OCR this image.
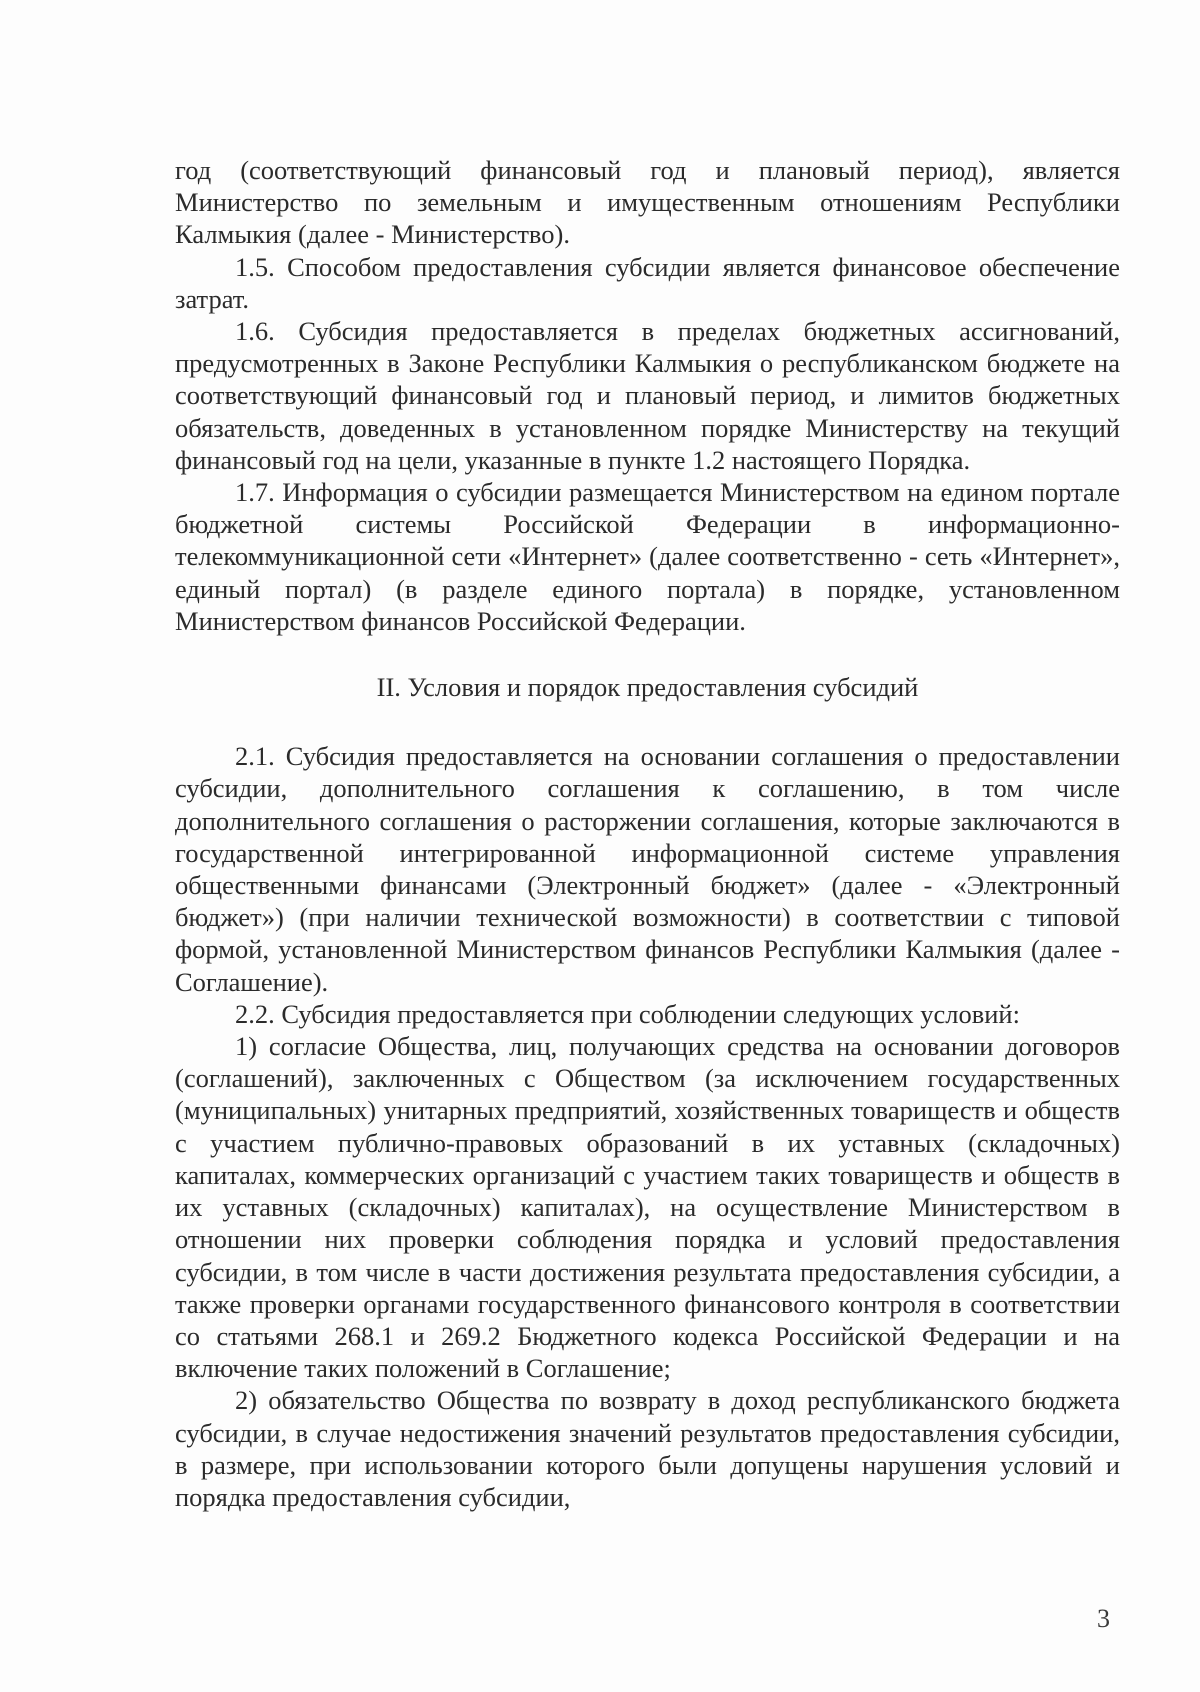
год (соответствующий финансовый год и плановый период), является Министерство по земельным и имущественным отношениям Республики Калмыкия (далее - Министерство).

1.5. Способом предоставления субсидии является финансовое обеспечение затрат.

1.6. Субсидия предоставляется в пределах бюджетных ассигнований, предусмотренных в Законе Республики Калмыкия о республиканском бюджете на соответствующий финансовый год и плановый период, и лимитов бюджетных обязательств, доведенных в установленном порядке Министерству на текущий финансовый год на цели, указанные в пункте 1.2 настоящего Порядка.

1.7. Информация о субсидии размещается Министерством на едином портале бюджетной системы Российской Федерации в информационно-телекоммуникационной сети «Интернет» (далее соответственно - сеть «Интернет», единый портал) (в разделе единого портала) в порядке, установленном Министерством финансов Российской Федерации.

II. Условия и порядок предоставления субсидий

2.1. Субсидия предоставляется на основании соглашения о предоставлении субсидии, дополнительного соглашения к соглашению, в том числе дополнительного соглашения о расторжении соглашения, которые заключаются в государственной интегрированной информационной системе управления общественными финансами (Электронный бюджет» (далее - «Электронный бюджет») (при наличии технической возможности) в соответствии с типовой формой, установленной Министерством финансов Республики Калмыкия (далее - Соглашение).

2.2. Субсидия предоставляется при соблюдении следующих условий:

1) согласие Общества, лиц, получающих средства на основании договоров (соглашений), заключенных с Обществом (за исключением государственных (муниципальных) унитарных предприятий, хозяйственных товариществ и обществ с участием публично-правовых образований в их уставных (складочных) капиталах, коммерческих организаций с участием таких товариществ и обществ в их уставных (складочных) капиталах), на осуществление Министерством в отношении них проверки соблюдения порядка и условий предоставления субсидии, в том числе в части достижения результата предоставления субсидии, а также проверки органами государственного финансового контроля в соответствии со статьями 268.1 и 269.2 Бюджетного кодекса Российской Федерации и на включение таких положений в Соглашение;

2) обязательство Общества по возврату в доход республиканского бюджета субсидии, в случае недостижения значений результатов предоставления субсидии, в размере, при использовании которого были допущены нарушения условий и порядка предоставления субсидии,

3
